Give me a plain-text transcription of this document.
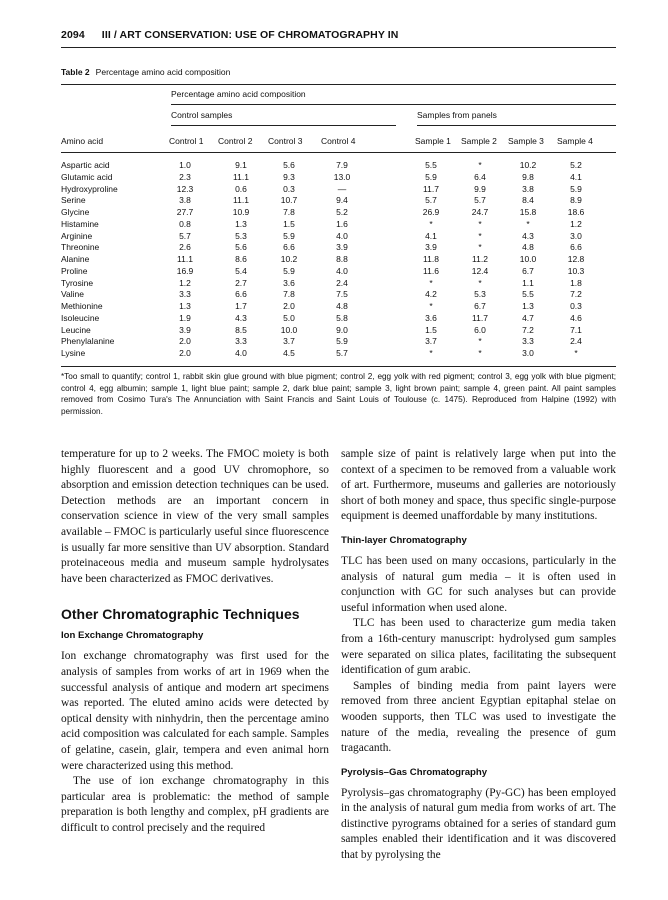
2094 III / ART CONSERVATION: USE OF CHROMATOGRAPHY IN
Table 2 Percentage amino acid composition
Percentage amino acid composition
Control samples	Samples from panels
Amino acid	Control 1 Control 2 Control 3 Control 4	Sample 1 Sample 2 Sample 3 Sample 4
Aspartic acid	1.0	9.1	5.6	7.9	5.5	*	10.2	5.2
Glutamic acid	2.3	11.1	9.3	13.0	5.9	6.4	9.8	4.1
Hydroxyproline	12.3	0.6	0.3	—	11.7	9.9	3.8	5.9
Serine	3.8	11.1	10.7	9.4	5.7	5.7	8.4	8.9
Glycine	27.7	10.9	7.8	5.2	26.9	24.7	15.8	18.6
Histamine	0.8	1.3	1.5	1.6	*	*	*	1.2
Arginine	5.7	5.3	5.9	4.0	4.1	*	4.3	3.0
Threonine	2.6	5.6	6.6	3.9	3.9	*	4.8	6.6
Alanine	11.1	8.6	10.2	8.8	11.8	11.2	10.0	12.8
Proline	16.9	5.4	5.9	4.0	11.6	12.4	6.7	10.3
Tyrosine	1.2	2.7	3.6	2.4	*	*	1.1	1.8
Valine	3.3	6.6	7.8	7.5	4.2	5.3	5.5	7.2
Methionine	1.3	1.7	2.0	4.8	*	6.7	1.3	0.3
Isoleucine	1.9	4.3	5.0	5.8	3.6	11.7	4.7	4.6
Leucine	3.9	8.5	10.0	9.0	1.5	6.0	7.2	7.1
Phenylalanine	2.0	3.3	3.7	5.9	3.7	*	3.3	2.4
Lysine	2.0	4.0	4.5	5.7	*	*	3.0	*
*Too small to quantify; control 1, rabbit skin glue ground with blue pigment; control 2, egg yolk with red pigment; control 3, egg yolk with blue pigment; control 4, egg albumin; sample 1, light blue paint; sample 2, dark blue paint; sample 3, light brown paint; sample 4, green paint. All paint samples removed from Cosimo Tura's The Annunciation with Saint Francis and Saint Louis of Toulouse (c. 1475). Reproduced from Halpine (1992) with permission.

temperature for up to 2 weeks. The FMOC moiety is both highly fluorescent and a good UV chromophore, so absorption and emission detection techniques can be used. Detection methods are an important concern in conservation science in view of the very small samples available – FMOC is particularly useful since fluorescence is usually far more sensitive than UV absorption. Standard proteinaceous media and museum sample hydrolysates have been characterized as FMOC derivatives.

Other Chromatographic Techniques
Ion Exchange Chromatography

Ion exchange chromatography was first used for the analysis of samples from works of art in 1969 when the successful analysis of antique and modern art specimens was reported. The eluted amino acids were detected by optical density with ninhydrin, then the percentage amino acid composition was calculated for each sample. Samples of gelatine, casein, glair, tempera and even animal horn were characterized using this method.

The use of ion exchange chromatography in this particular area is problematic: the method of sample preparation is both lengthy and complex, pH gradients are difficult to control precisely and the required

sample size of paint is relatively large when put into the context of a specimen to be removed from a valuable work of art. Furthermore, museums and galleries are notoriously short of both money and space, thus specific single-purpose equipment is deemed unaffordable by many institutions.

Thin-layer Chromatography

TLC has been used on many occasions, particularly in the analysis of natural gum media – it is often used in conjunction with GC for such analyses but can provide useful information when used alone.

TLC has been used to characterize gum media taken from a 16th-century manuscript: hydrolysed gum samples were separated on silica plates, facilitating the subsequent identification of gum arabic.

Samples of binding media from paint layers were removed from three ancient Egyptian epitaphal stelae on wooden supports, then TLC was used to investigate the nature of the media, revealing the presence of gum tragacanth.

Pyrolysis–Gas Chromatography

Pyrolysis–gas chromatography (Py-GC) has been employed in the analysis of natural gum media from works of art. The distinctive pyrograms obtained for a series of standard gum samples enabled their identification and it was discovered that by pyrolysing the
